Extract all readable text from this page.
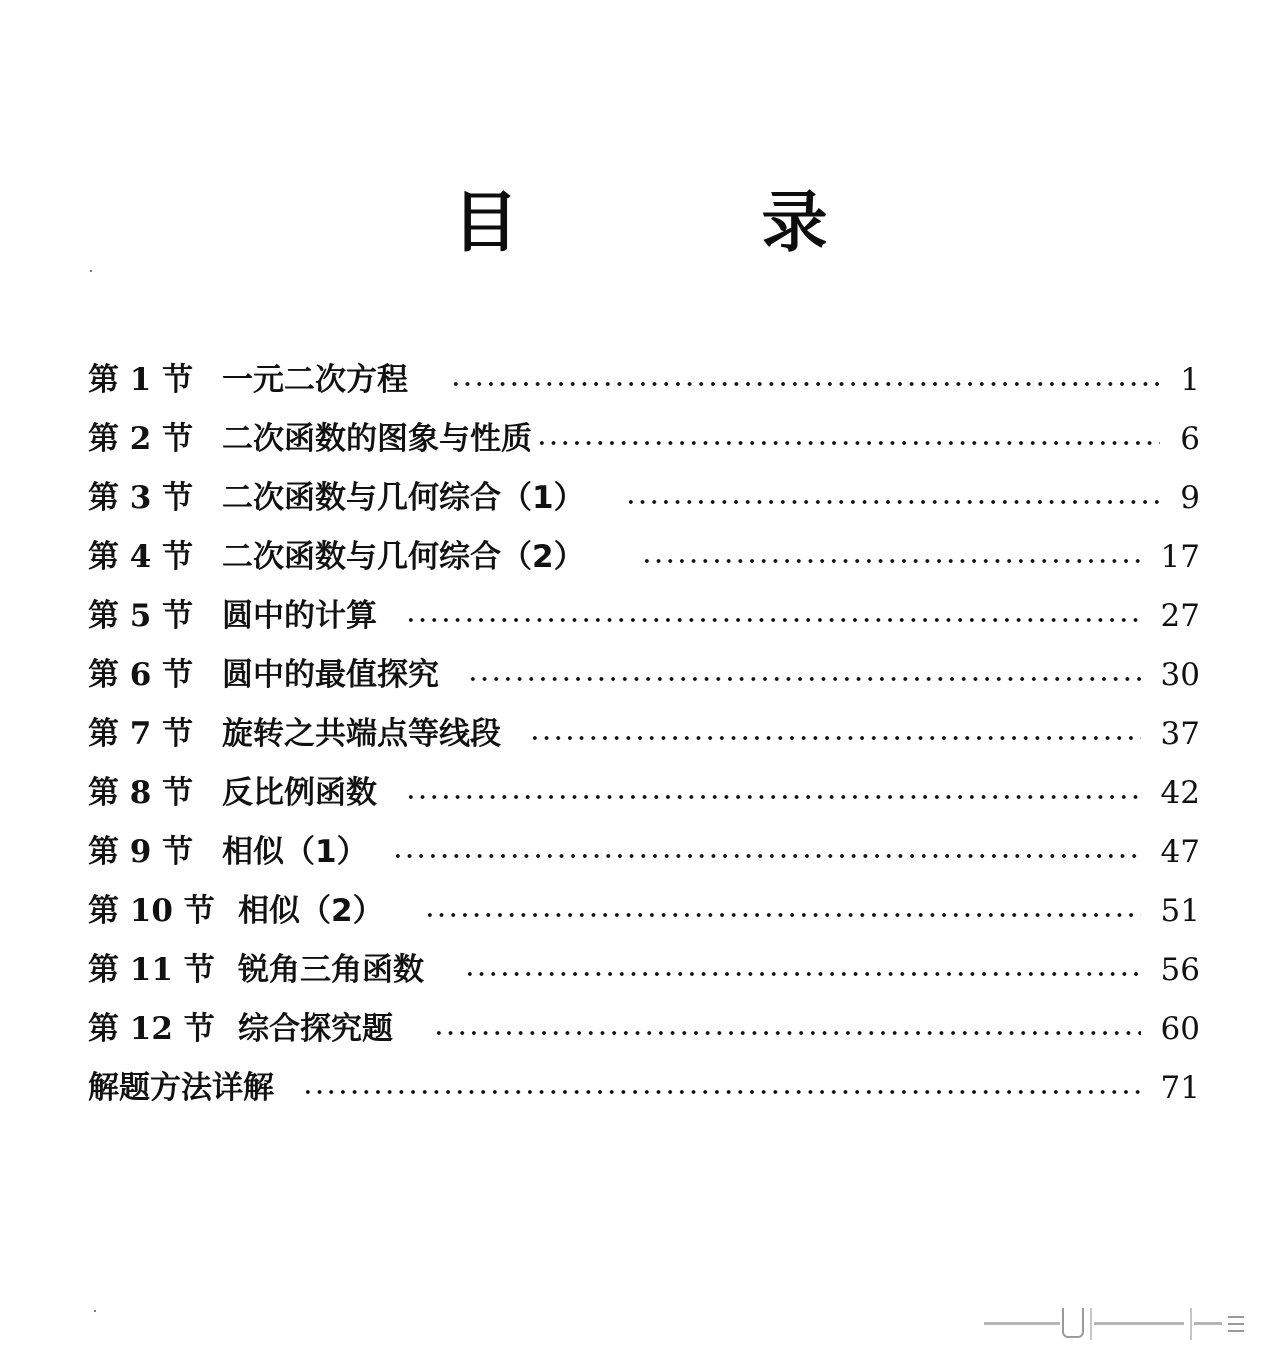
目 录
第 1 节 一元二次方程	1
第 2 节 二次函数的图象与性质	6
第 3 节 二次函数与几何综合（1）	9
第 4 节 二次函数与几何综合（2）	17
第 5 节 圆中的计算	27
第 6 节 圆中的最值探究	30
第 7 节 旋转之共端点等线段	37
第 8 节 反比例函数	42
第 9 节 相似（1）	47
第 10 节 相似（2）	51
第 11 节 锐角三角函数	56
第 12 节 综合探究题	60
解题方法详解	71
